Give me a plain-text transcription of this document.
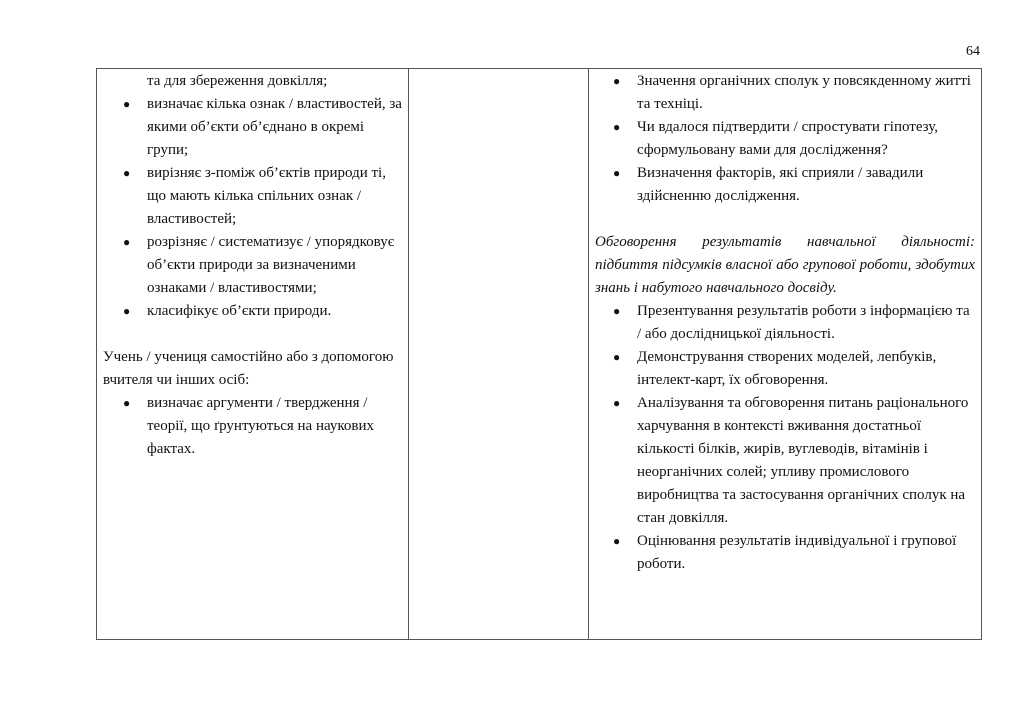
64
та для збереження довкілля;
● визначає кілька ознак / властивостей, за якими об’єкти об’єднано в окремі групи;
● вирізняє з-поміж об’єктів природи ті, що мають кілька спільних ознак / властивостей;
● розрізняє / систематизує / упорядковує об’єкти природи за визначеними ознаками / властивостями;
● класифікує об’єкти природи.
Учень / учениця самостійно або з допомогою вчителя чи інших осіб:
● визначає аргументи / твердження / теорії, що ґрунтуються на наукових фактах.

● Значення органічних сполук у повсякденному житті та техніці.
● Чи вдалося підтвердити / спростувати гіпотезу, сформульовану вами для дослідження?
● Визначення факторів, які сприяли / завадили здійсненню дослідження.
Обговорення результатів навчальної діяльності: підбиття підсумків власної або групової роботи, здобутих знань і набутого навчального досвіду.
● Презентування результатів роботи з інформацією та / або дослідницької діяльності.
● Демонстрування створених моделей, лепбуків, інтелект-карт, їх обговорення.
● Аналізування та обговорення питань раціонального харчування в контексті вживання достатньої кількості білків, жирів, вуглеводів, вітамінів і неорганічних солей; упливу промислового виробництва та застосування органічних сполук на стан довкілля.
● Оцінювання результатів індивідуальної і групової роботи.
